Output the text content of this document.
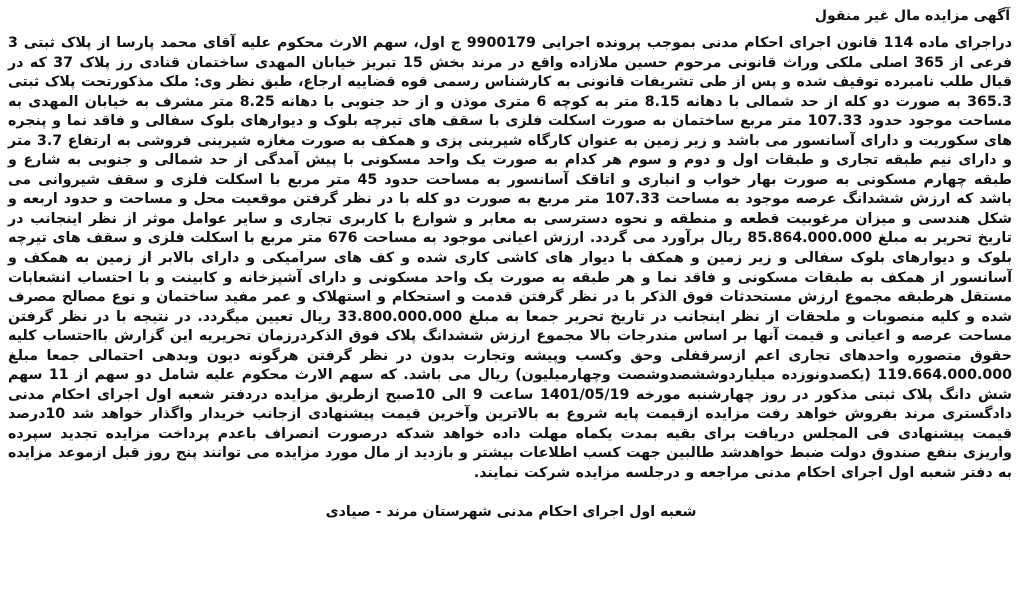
آگهی مزایده مال غیر منقول
دراجرای ماده 114 قانون اجرای احکام مدنی بموجب پرونده اجرایی 9900179 ج اول، سهم الارث محکوم علیه آقای محمد پارسا از پلاک ثبتی 3 فرعی از 365 اصلی ملکی وراث قانونی مرحوم حسین ملازاده واقع در مرند بخش 15 تبریز خیابان المهدی ساختمان قنادی رز پلاک 37 که در قبال طلب نامبرده توقیف شده و پس از طی تشریفات قانونی به کارشناس رسمی قوه قضاییه ارجاع، طبق نظر وی: ملک مذکورتحت پلاک ثبتی 365.3 به صورت دو کله از حد شمالی با دهانه 8.15 متر به کوچه 6 متری موذن و از حد جنوبی با دهانه 8.25 متر مشرف به خیابان المهدی به مساحت موجود حدود 107.33 متر مربع ساختمان به صورت اسکلت فلزی با سقف های تیرچه بلوک و دیوارهای بلوک سفالی و فاقد نما و پنجره های سکوریت و دارای آسانسور می باشد و زیر زمین به عنوان کارگاه شیرینی پزی و همکف به صورت مغازه شیرینی فروشی به ارتفاع 3.7 متر و دارای نیم طبقه تجاری و طبقات اول و دوم و سوم هر کدام به صورت یک واحد مسکونی با پیش آمدگی از حد شمالی و جنوبی به شارع و طبقه چهارم مسکونی به صورت بهار خواب و انباری و اتاقک آسانسور به مساحت حدود 45 متر مربع با اسکلت فلزی و سقف شیروانی می باشد که ارزش ششدانگ عرصه موجود به مساحت 107.33 متر مربع به صورت دو کله با در نظر گرفتن موقعیت محل و مساحت و حدود اربعه و شکل هندسی و میزان مرغوبیت قطعه و منطقه و نحوه دسترسی به معابر و شوارع با کاربری تجاری و سایر عوامل موثر از نظر اینجانب در تاریخ تحریر به مبلغ 85.864.000.000 ریال برآورد می گردد. ارزش اعیانی موجود به مساحت 676 متر مربع با اسکلت فلزی و سقف های تیرچه بلوک و دیوارهای بلوک سفالی و زیر زمین و همکف با دیوار های کاشی کاری شده و کف های سرامیکی و دارای بالابر از زمین به همکف و آسانسور از همکف به طبقات مسکونی و فاقد نما و هر طبقه به صورت یک واحد مسکونی و دارای آشپزخانه و کابینت و با احتساب انشعابات مستقل هرطبقه مجموع ارزش مستحدثات فوق الذکر با در نظر گرفتن قدمت و استحکام و استهلاک و عمر مفید ساختمان و نوع مصالح مصرف شده و کلیه منصوبات و ملحقات از نظر اینجانب در تاریخ تحریر جمعا به مبلغ 33.800.000.000 ریال تعیین میگردد. در نتیجه با در نظر گرفتن مساحت عرصه و اعیانی و قیمت آنها بر اساس مندرجات بالا مجموع ارزش ششدانگ پلاک فوق الذکردرزمان تحریریه این گزارش بااحتساب کلیه حقوق متصوره واحدهای تجاری اعم ازسرقفلی وحق وکسب وپیشه وتجارت بدون در نظر گرفتن هرگونه دیون وبدهی احتمالی جمعا مبلغ 119.664.000.000 (یکصدونوزده میلیاردوششصدوشصت وچهارمیلیون) ریال می باشد. که سهم الارث محکوم علیه شامل دو سهم از 11 سهم شش دانگ پلاک ثبتی مذکور در روز چهارشنبه مورخه 1401/05/19 ساعت 9 الی 10صبح ازطریق مزایده دردفتر شعبه اول اجرای احکام مدنی دادگستری مرند بفروش خواهد رفت مزایده ازقیمت پایه شروع به بالاترین وآخرین قیمت پیشنهادی ازجانب خریدار واگذار خواهد شد 10درصد قیمت پیشنهادی فی المجلس دریافت برای بقیه بمدت یکماه مهلت داده خواهد شدکه درصورت انصراف باعدم پرداخت مزایده تجدید سپرده واریزی بنفع صندوق دولت ضبط خواهدشد طالبین جهت کسب اطلاعات بیشتر و بازدید از مال مورد مزایده می توانند پنج روز قبل ازموعد مزایده به دفتر شعبه اول اجرای احکام مدنی مراجعه و درجلسه مزایده شرکت نمایند.
شعبه اول اجرای احکام مدنی شهرستان مرند - صیادی
